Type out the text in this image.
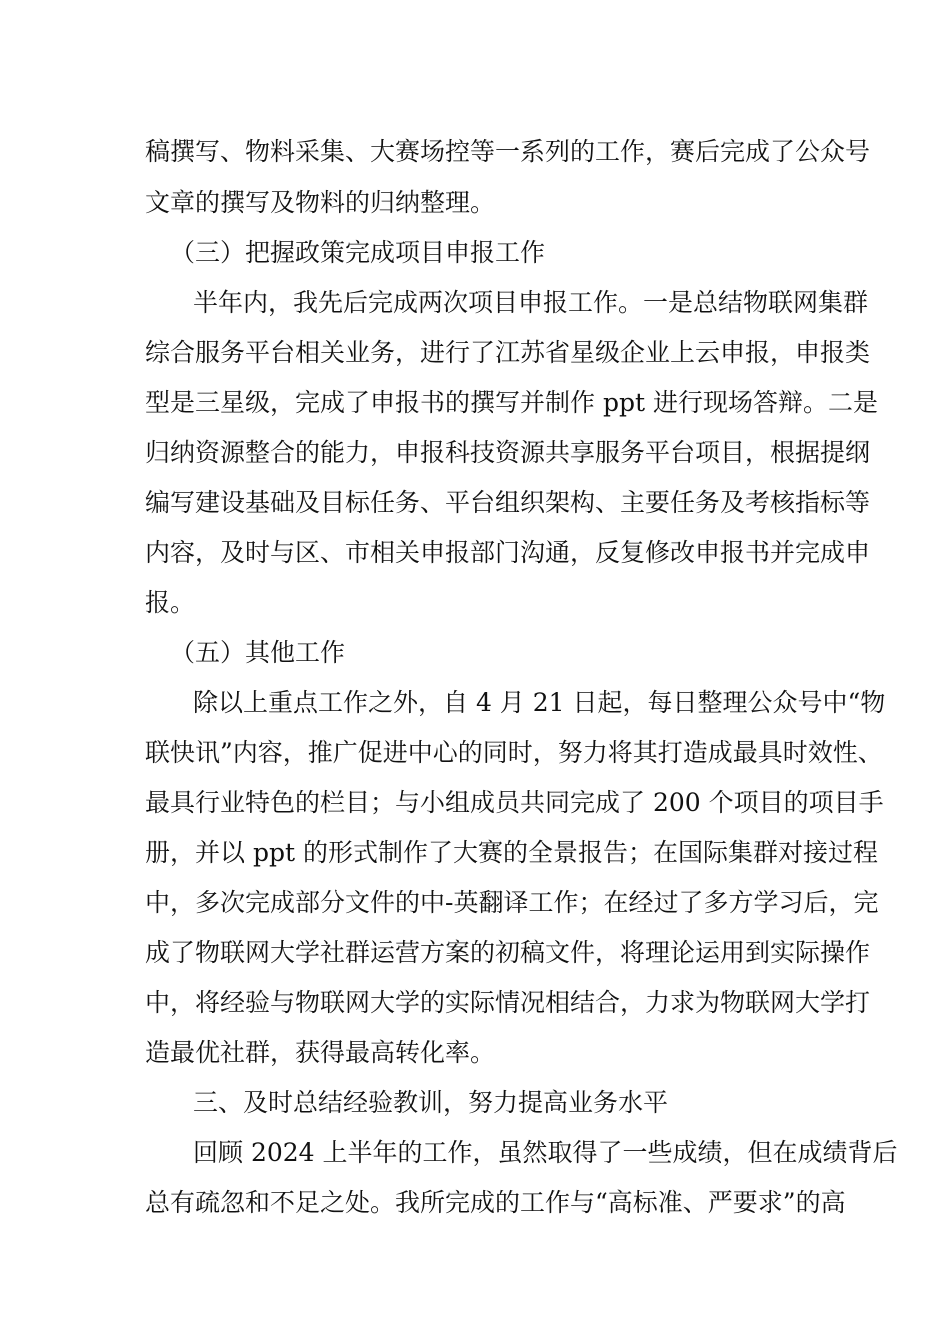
稿撰写、物料采集、大赛场控等一系列的工作，赛后完成了公众号
文章的撰写及物料的归纳整理。
（三）把握政策完成项目申报工作
半年内，我先后完成两次项目申报工作。一是总结物联网集群
综合服务平台相关业务，进行了江苏省星级企业上云申报，申报类
型是三星级，完成了申报书的撰写并制作 ppt 进行现场答辩。二是
归纳资源整合的能力，申报科技资源共享服务平台项目，根据提纲
编写建设基础及目标任务、平台组织架构、主要任务及考核指标等
内容，及时与区、市相关申报部门沟通，反复修改申报书并完成申
报。
（五）其他工作
除以上重点工作之外，自 4 月 21 日起，每日整理公众号中“物
联快讯”内容，推广促进中心的同时，努力将其打造成最具时效性、
最具行业特色的栏目；与小组成员共同完成了 200 个项目的项目手
册，并以 ppt 的形式制作了大赛的全景报告；在国际集群对接过程
中，多次完成部分文件的中-英翻译工作；在经过了多方学习后，完
成了物联网大学社群运营方案的初稿文件，将理论运用到实际操作
中，将经验与物联网大学的实际情况相结合，力求为物联网大学打
造最优社群，获得最高转化率。
三、及时总结经验教训，努力提高业务水平
回顾 2024 上半年的工作，虽然取得了一些成绩，但在成绩背后
总有疏忽和不足之处。我所完成的工作与“高标准、严要求”的高
